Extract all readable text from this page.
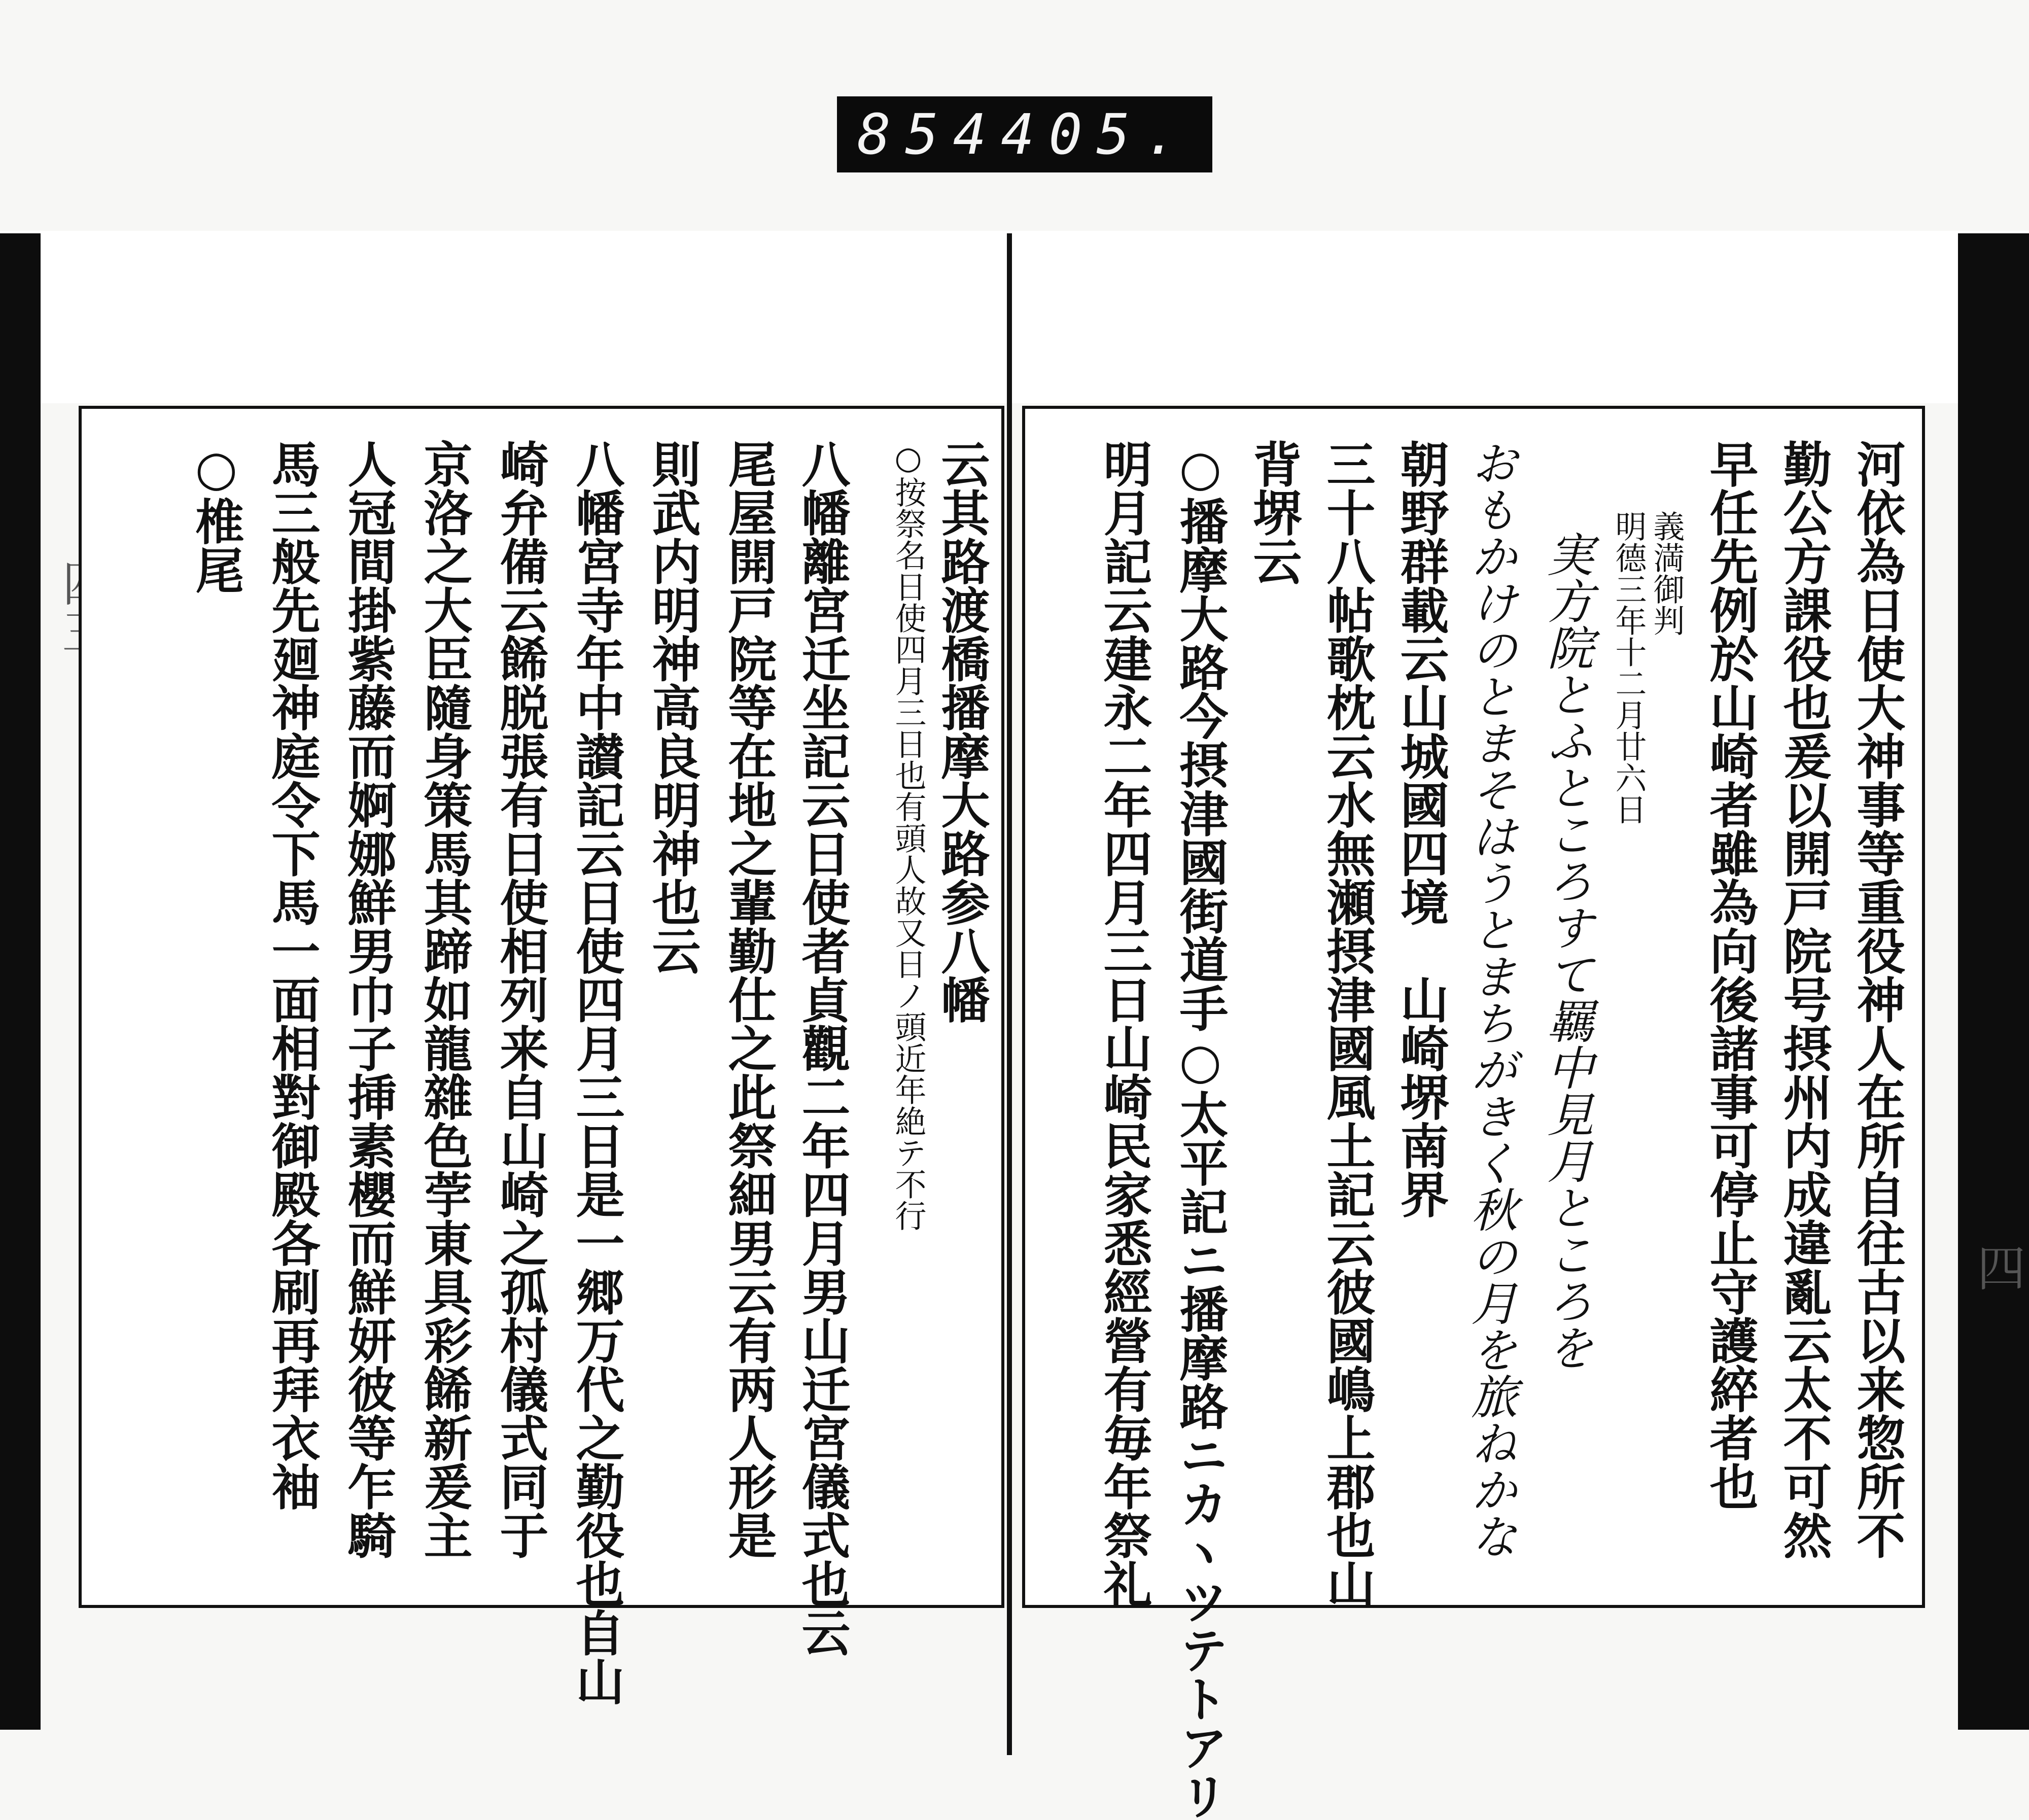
854 405.
四
云其路渡橋播摩大路参八幡
○按祭名日使四月三日也有頭人故又日ノ頭近年絶テ不行
八幡離宮迁坐記云日使者貞觀二年四月男山迁宮儀式也云
尾屋開戸院等在地之輩勤仕之此祭細男云有两人形是
則武内明神高良明神也云
八幡宮寺年中讃記云日使四月三日是一郷万代之勤役也自山
崎弁備云餙脱張有日使相列来自山崎之孤村儀式同于
京洛之大臣隨身策馬其蹄如龍雜色荢東具彩餙新爰主
人冠間掛紫藤而婀娜鮮男巾子挿素櫻而鮮妍彼等乍騎
馬三般先廻神庭令下馬一面相對御殿各刷再拜衣袖
○椎尾	河依為日使大神事等重役神人在所自往古以来惣所不
勤公方課役也爰以開戸院号摂州内成違亂云太不可然
早任先例於山崎者雖為向後諸事可停止守護綷者也
義満御判
明德三年十二月廿六日
実方院とふところすて羈中見月ところを
おもかけのとまそはうとまちがきく秋の月を旅ねかな
朝野群載云山城國四境　山崎堺南界
三十八帖歌枕云水無瀬摂津國風土記云彼國嶋上郡也山
背堺云
○播摩大路今摂津國街道手○太平記ニ播摩路ニカヽツテトアリ
明月記云建永二年四月三日山崎民家悉經營有毎年祭礼
